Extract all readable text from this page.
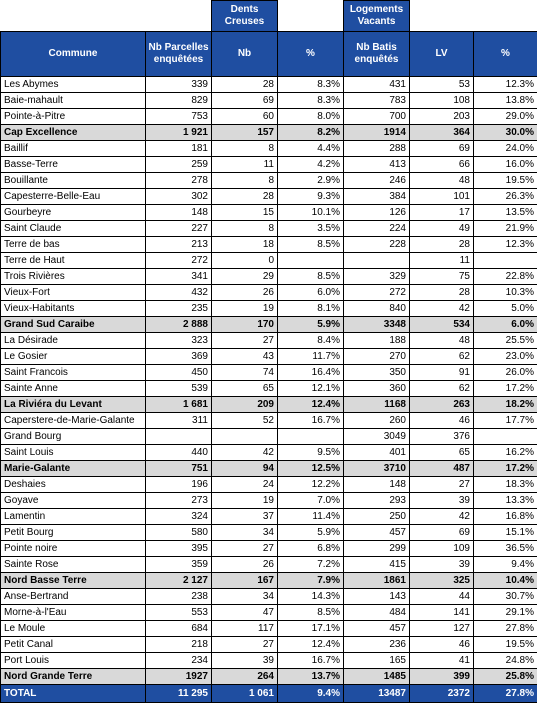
		Dents Creuses		Logements Vacants		
Commune	Nb Parcelles enquêtées	Nb	%	Nb Batis enquêtés	LV	%
Les Abymes	339	28	8.3%	431	53	12.3%
Baie-mahault	829	69	8.3%	783	108	13.8%
Pointe-à-Pitre	753	60	8.0%	700	203	29.0%
Cap Excellence	1 921	157	8.2%	1914	364	30.0%
Baillif	181	8	4.4%	288	69	24.0%
Basse-Terre	259	11	4.2%	413	66	16.0%
Bouillante	278	8	2.9%	246	48	19.5%
Capesterre-Belle-Eau	302	28	9.3%	384	101	26.3%
Gourbeyre	148	15	10.1%	126	17	13.5%
Saint Claude	227	8	3.5%	224	49	21.9%
Terre de bas	213	18	8.5%	228	28	12.3%
Terre de Haut	272	0			11	
Trois Rivières	341	29	8.5%	329	75	22.8%
Vieux-Fort	432	26	6.0%	272	28	10.3%
Vieux-Habitants	235	19	8.1%	840	42	5.0%
Grand Sud Caraibe	2 888	170	5.9%	3348	534	6.0%
La Désirade	323	27	8.4%	188	48	25.5%
Le Gosier	369	43	11.7%	270	62	23.0%
Saint Francois	450	74	16.4%	350	91	26.0%
Sainte Anne	539	65	12.1%	360	62	17.2%
La Riviéra du Levant	1 681	209	12.4%	1168	263	18.2%
Caperstere-de-Marie-Galante	311	52	16.7%	260	46	17.7%
Grand Bourg				3049	376	
Saint Louis	440	42	9.5%	401	65	16.2%
Marie-Galante	751	94	12.5%	3710	487	17.2%
Deshaies	196	24	12.2%	148	27	18.3%
Goyave	273	19	7.0%	293	39	13.3%
Lamentin	324	37	11.4%	250	42	16.8%
Petit Bourg	580	34	5.9%	457	69	15.1%
Pointe noire	395	27	6.8%	299	109	36.5%
Sainte Rose	359	26	7.2%	415	39	9.4%
Nord Basse Terre	2 127	167	7.9%	1861	325	10.4%
Anse-Bertrand	238	34	14.3%	143	44	30.7%
Morne-à-l'Eau	553	47	8.5%	484	141	29.1%
Le Moule	684	117	17.1%	457	127	27.8%
Petit Canal	218	27	12.4%	236	46	19.5%
Port Louis	234	39	16.7%	165	41	24.8%
Nord Grande Terre	1927	264	13.7%	1485	399	25.8%
TOTAL	11 295	1 061	9.4%	13487	2372	27.8%
